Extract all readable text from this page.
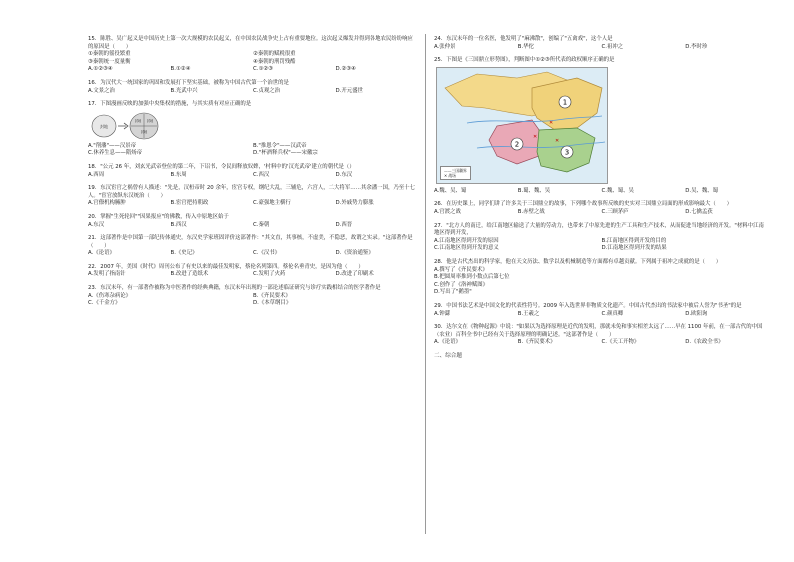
15．陈胜、吴广起义是中国历史上第一次大规模的农民起义，在中国农民战争史上占有重要地位。这次起义爆发并得到各地农民纷纷响应的原因是（　　）
①秦朝的徭役繁重	②秦朝的赋税很重
③秦朝统一度量衡	④秦朝的刑罚残酷
A.①②③④	B.①②④	C.①②③	D.②③④
16．为汉代大一统国家的巩固和发展打下坚实基础，被称为中国古代第一个治世的是
A.文景之治	B.光武中兴	C.贞观之治	D.开元盛世
17．下图漫画反映的加强中央集权的措施，与其实质有对应正确的是
封地
封地 封地
封地
A."削藩"——汉景帝	B."推恩令"——汉武帝
C.休养生息——隋炀帝	D."杯酒释兵权"——宋徽宗
18．"公元 26 年，刘玄光武帝登位的第二年，下诏书，令民间释放奴婢，'村料中的'汉光武帝'建立的朝代是（）
A.西周	B.东周	C.西汉	D.东汉
19．东汉宦官之祸曾有人描述："先是，汉桓帝时 20 余年，宦官专权，纲纪大乱，三辅危，六宫人，二大将军……其余潘一国，乃至十七人。"宦官放纵东汉统治（　　）
A.官僚机构臃肿	B.宦官把持朝政	C.豪强地主横行	D.外戚势力膨胀
20．掌握"生死轮回""因果报应"的佛教，传入中原地区始于
A.东汉	B.西汉	C.秦朝	D.西晋
21．这部著作是中国第一部纪传体通史，东汉史学家班固评价这部著作："其文直，其事核，不虚美，不隐恶，故谓之实录。"这部著作是（　　）
A.《论语》	B.《史记》	C.《汉书》	D.《资治通鉴》
22．2007 年，美国《时代》周刊公布了有史以来的最佳发明家，蔡伦名列第四。蔡伦名垂青史，是因为他（　　）
A.发明了指南针	B.改进了造纸术	C.发明了火药	D.改进了印刷术
23．东汉末年，有一部著作被称为中医著作的经典典籍，东汉末年出现的一部论述临证研究与诊疗实践相结合的医学著作是
A.《伤寒杂病论》	B.《齐民要术》
C.《千金方》	D.《本草纲目》
24．东汉末年的一位名医，他发明了"麻沸散"，创编了"五禽戏"，这个人是
A.张仲景	B.华佗	C.祖冲之	D.李时珍
25．下图是《三国鼎立形势图》，判断图中①②③所代表的政权顺序正确的是
✕
✕
✕
1
2
3
——三国疆界
✕ 战场
A.魏、吴、蜀	B.蜀、魏、吴	C.魏、蜀、吴	D.吴、魏、蜀
26．在历史课上，同学们讲了许多关于三国鼎立的故事，下列哪个故事所反映的史实对三国鼎立局面的形成影响最大（　　）
A.官渡之战	B.赤壁之战	C.三顾茅庐	D.七擒孟获
27．"北方人的南迁，给江南地区输送了大量的劳动力，也带来了中原先进的生产工具和生产技术，从而促进当地经济的开发。"材料中江南地区得到开发，
A.江南地区得到开发的原因	B.江南地区得到开发的目的
C.江南地区得到开发的意义	D.江南地区得到开发的结果
28．他是古代杰出的科学家，他在天文历法、数学以及机械制造等方面都有卓越贡献。下列属于祖冲之成就的是（　　）
A.撰写了《齐民要术》
B.把圆周率推到小数点后第七位
C.创作了《洛神赋图》
D.写出了"鹅墨"
29．中国书法艺术是中国文化的代表性符号。2009 年入选世界非物质文化遗产。中国古代杰出的书法家中被后人誉为"书圣"的是
A.钟繇	B.王羲之	C.颜真卿	D.欧阳询
30．达尔文在《物种起源》中说："如果以为选择原理是近代的发明，那就未免和事实相差太远了……早在 1100 年前，在一部古代的中国（农业）百科全书中已经有关于选择原理的明确记述。"这部著作是（　　）
A.《论语》	B.《齐民要术》	C.《天工开物》	D.《农政全书》
二、综合题
